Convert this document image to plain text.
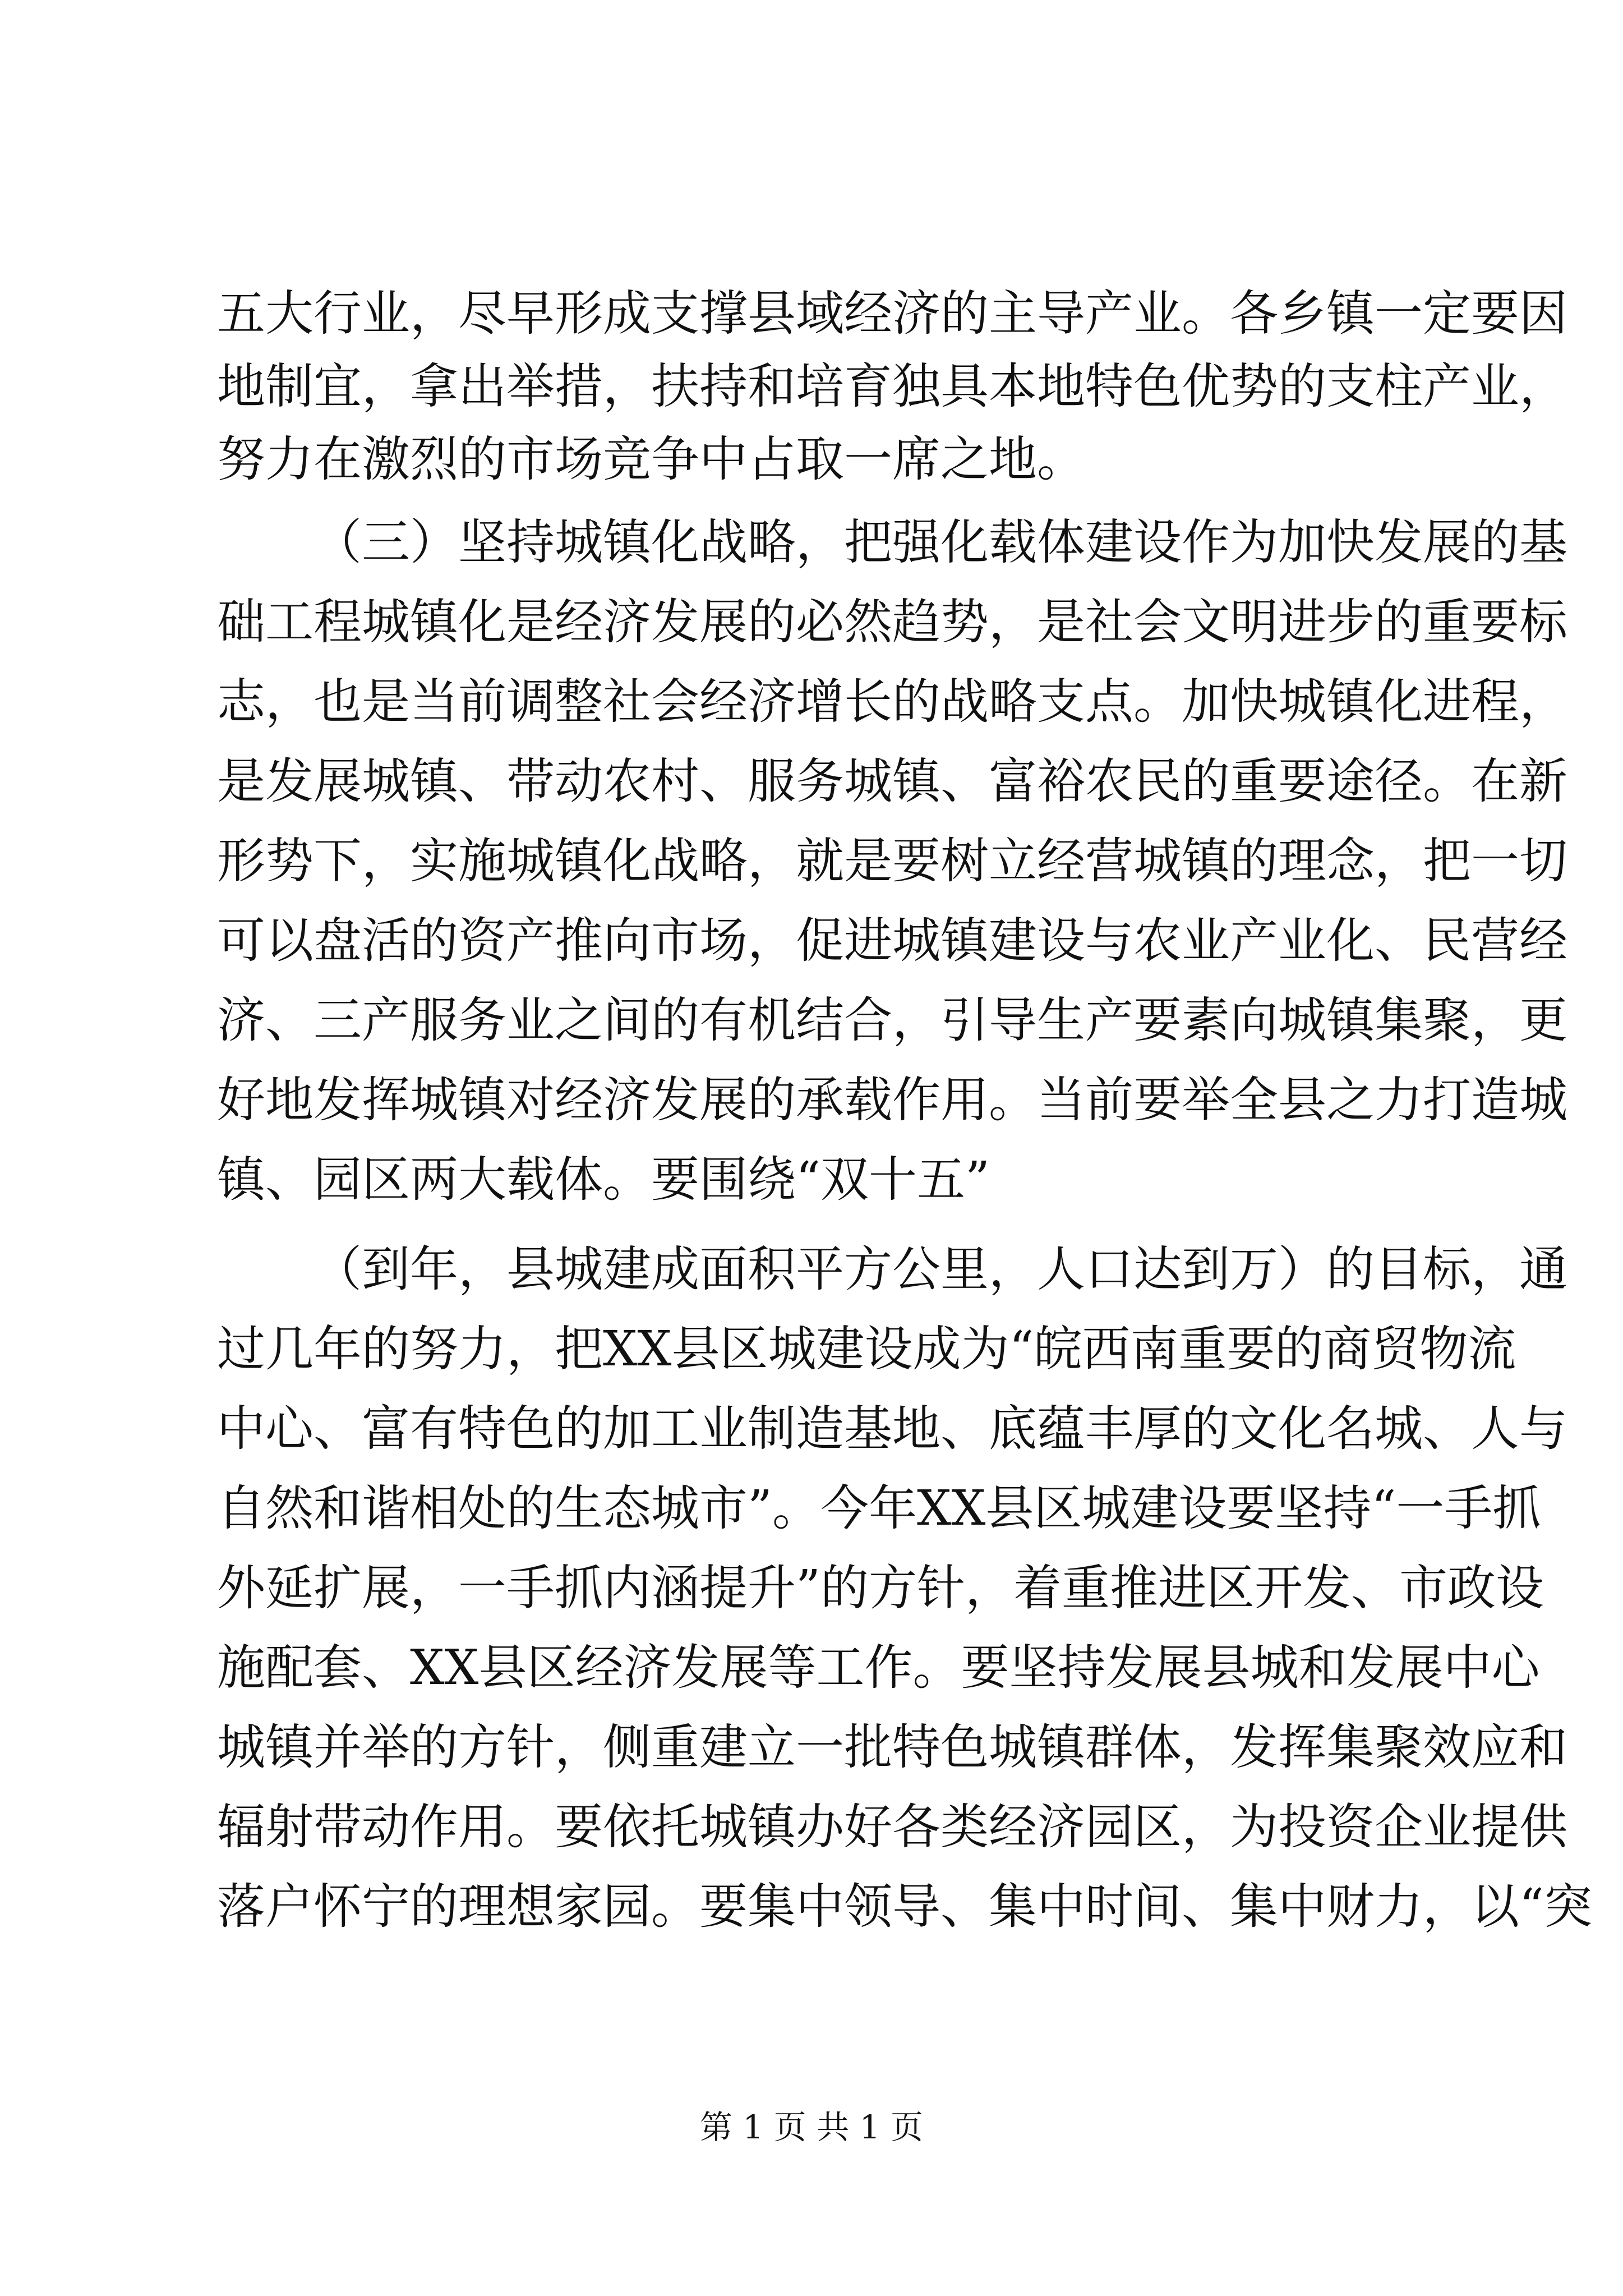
五大行业，尽早形成支撑县域经济的主导产业。各乡镇一定要因
地制宜，拿出举措，扶持和培育独具本地特色优势的支柱产业，
努力在激烈的市场竞争中占取一席之地。
（三）坚持城镇化战略，把强化载体建设作为加快发展的基
础工程城镇化是经济发展的必然趋势，是社会文明进步的重要标
志，也是当前调整社会经济增长的战略支点。加快城镇化进程，
是发展城镇、带动农村、服务城镇、富裕农民的重要途径。在新
形势下，实施城镇化战略，就是要树立经营城镇的理念，把一切
可以盘活的资产推向市场，促进城镇建设与农业产业化、民营经
济、三产服务业之间的有机结合，引导生产要素向城镇集聚，更
好地发挥城镇对经济发展的承载作用。当前要举全县之力打造城
镇、园区两大载体。要围绕“双十五”
（到年，县城建成面积平方公里，人口达到万）的目标，通
过几年的努力，把XX县区城建设成为“皖西南重要的商贸物流
中心、富有特色的加工业制造基地、底蕴丰厚的文化名城、人与
自然和谐相处的生态城市”。今年XX县区城建设要坚持“一手抓
外延扩展，一手抓内涵提升”的方针，着重推进区开发、市政设
施配套、XX县区经济发展等工作。要坚持发展县城和发展中心
城镇并举的方针，侧重建立一批特色城镇群体，发挥集聚效应和
辐射带动作用。要依托城镇办好各类经济园区，为投资企业提供
落户怀宁的理想家园。要集中领导、集中时间、集中财力，以“突
第 1 页 共 1 页
